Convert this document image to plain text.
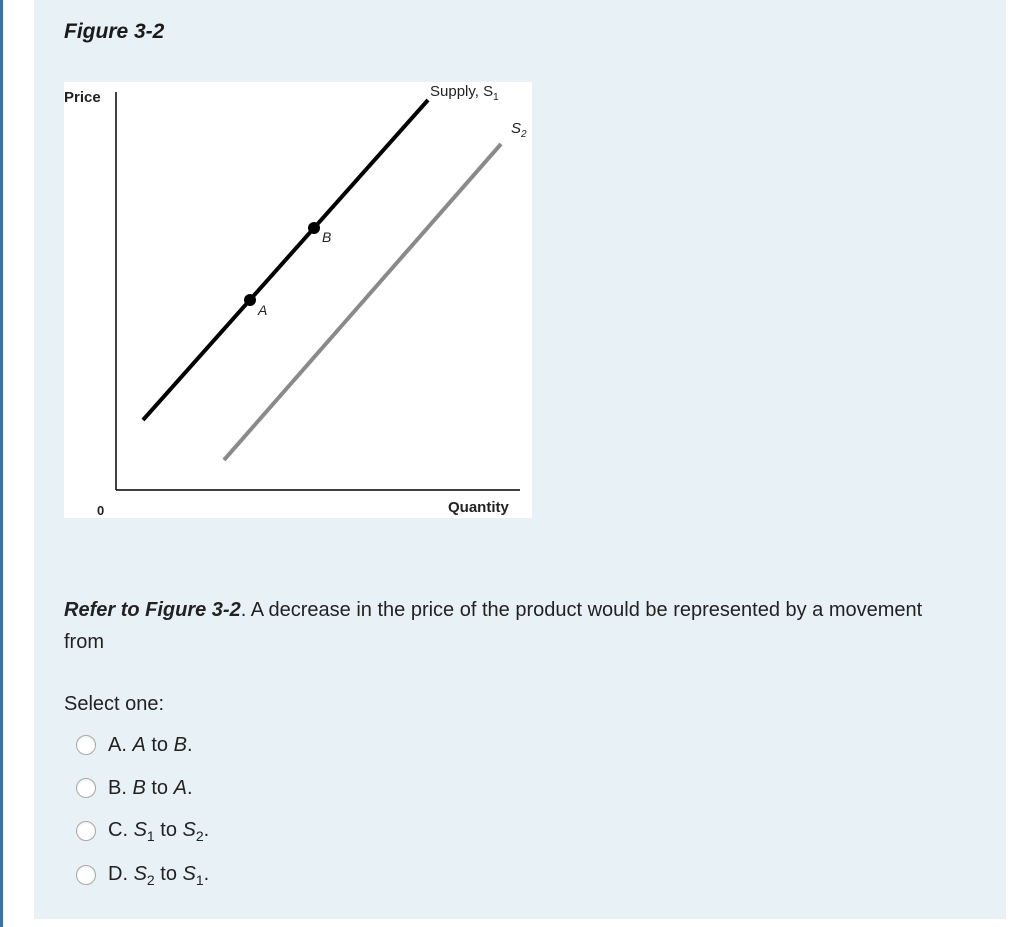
Figure 3-2
Price
Quantity
0
Supply, $S_1$
$S_2$
A
B

Refer to Figure 3-2. A decrease in the price of the product would be represented by a movement from

Select one:
A. A to B.
B. B to A.
C. $S_1$ to $S_2$.
D. $S_2$ to $S_1$.
